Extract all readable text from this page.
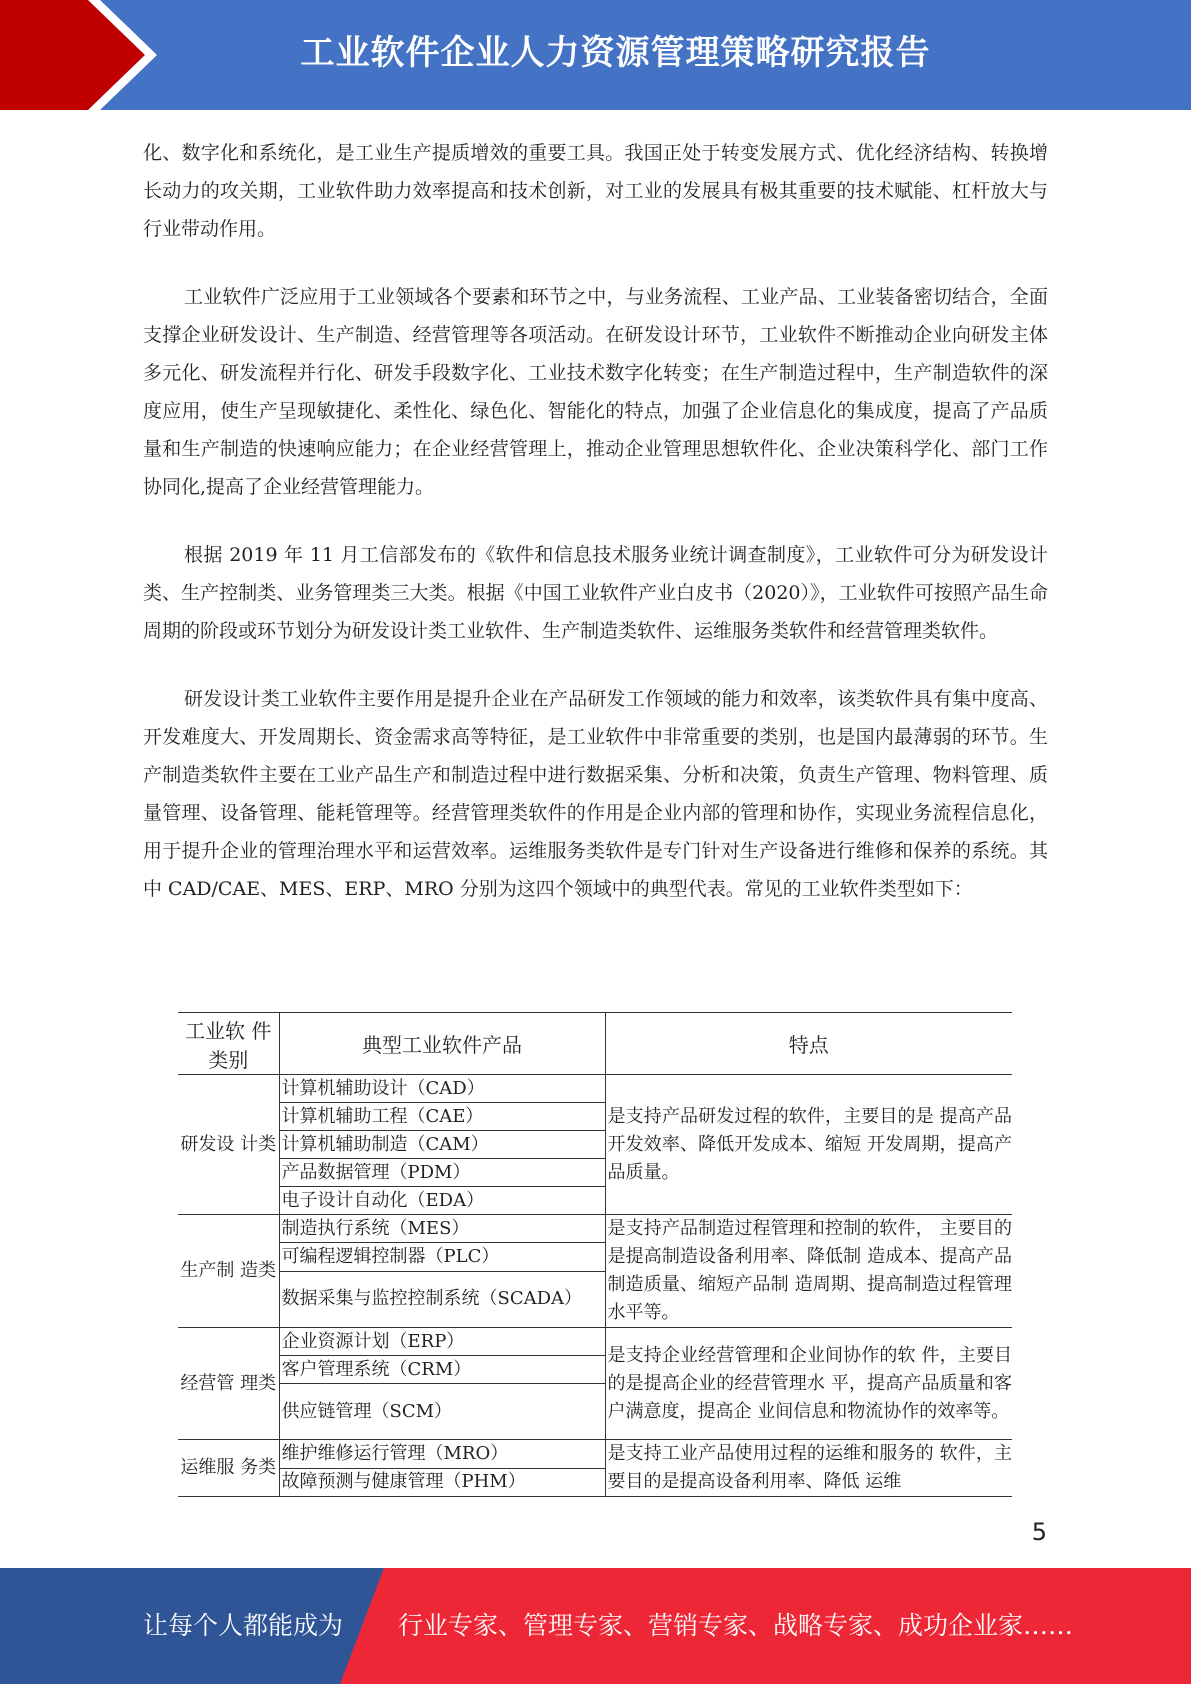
工业软件企业人力资源管理策略研究报告

化、数字化和系统化，是工业生产提质增效的重要工具。我国正处于转变发展方式、优化经济结构、转换增长动力的攻关期，工业软件助力效率提高和技术创新，对工业的发展具有极其重要的技术赋能、杠杆放大与行业带动作用。

工业软件广泛应用于工业领域各个要素和环节之中，与业务流程、工业产品、工业装备密切结合，全面支撑企业研发设计、生产制造、经营管理等各项活动。在研发设计环节，工业软件不断推动企业向研发主体多元化、研发流程并行化、研发手段数字化、工业技术数字化转变；在生产制造过程中，生产制造软件的深度应用，使生产呈现敏捷化、柔性化、绿色化、智能化的特点，加强了企业信息化的集成度，提高了产品质量和生产制造的快速响应能力；在企业经营管理上，推动企业管理思想软件化、企业决策科学化、部门工作协同化,提高了企业经营管理能力。

根据 2019 年 11 月工信部发布的《软件和信息技术服务业统计调查制度》，工业软件可分为研发设计类、生产控制类、业务管理类三大类。根据《中国工业软件产业白皮书（2020）》，工业软件可按照产品生命周期的阶段或环节划分为研发设计类工业软件、生产制造类软件、运维服务类软件和经营管理类软件。

研发设计类工业软件主要作用是提升企业在产品研发工作领域的能力和效率，该类软件具有集中度高、开发难度大、开发周期长、资金需求高等特征，是工业软件中非常重要的类别，也是国内最薄弱的环节。生产制造类软件主要在工业产品生产和制造过程中进行数据采集、分析和决策，负责生产管理、物料管理、质量管理、设备管理、能耗管理等。经营管理类软件的作用是企业内部的管理和协作，实现业务流程信息化，用于提升企业的管理治理水平和运营效率。运维服务类软件是专门针对生产设备进行维修和保养的系统。其中 CAD/CAE、MES、ERP、MRO 分别为这四个领域中的典型代表。常见的工业软件类型如下：

工业软 件类别	典型工业软件产品	特点
研发设 计类	计算机辅助设计（CAD）	是支持产品研发过程的软件，主要目的是 提高产品开发效率、降低开发成本、缩短 开发周期，提高产品质量。
	计算机辅助工程（CAE）	
	计算机辅助制造（CAM）	
	产品数据管理（PDM）	
	电子设计自动化（EDA）	
生产制 造类	制造执行系统（MES）	是支持产品制造过程管理和控制的软件， 主要目的是提高制造设备利用率、降低制 造成本、提高产品制造质量、缩短产品制 造周期、提高制造过程管理水平等。
	可编程逻辑控制器（PLC）	
	数据采集与监控控制系统（SCADA）	
经营管 理类	企业资源计划（ERP）	是支持企业经营管理和企业间协作的软 件，主要目的是提高企业的经营管理水 平，提高产品质量和客户满意度，提高企 业间信息和物流协作的效率等。
	客户管理系统（CRM）	
	供应链管理（SCM）	
运维服 务类	维护维修运行管理（MRO）	是支持工业产品使用过程的运维和服务的 软件，主要目的是提高设备利用率、降低 运维
	故障预测与健康管理（PHM）	
5
让每个人都能成为 行业专家、管理专家、营销专家、战略专家、成功企业家……
